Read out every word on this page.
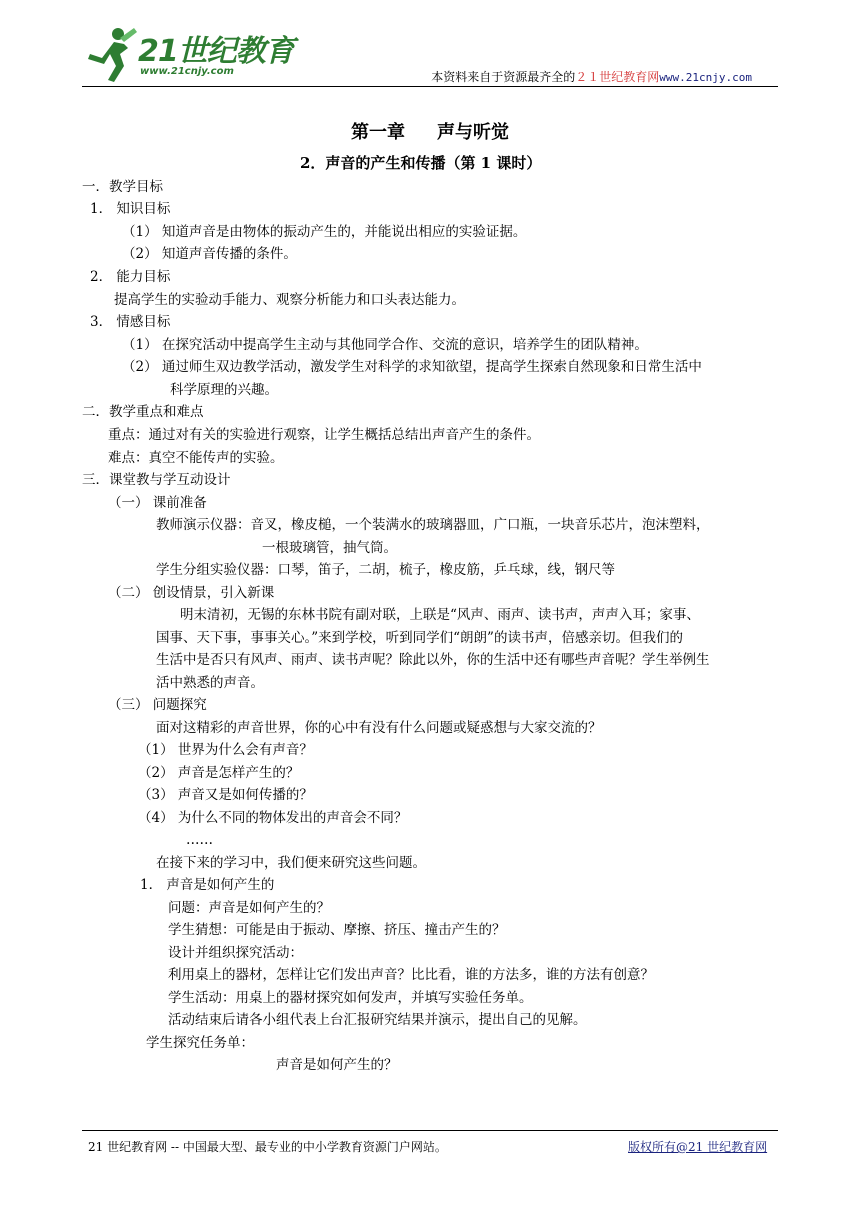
21世纪教育
www.21cnjy.com	本资料来自于资源最齐全的２１世纪教育网www.21cnjy.com
第一章 声与听觉
2．声音的产生和传播（第 1 课时）
一．教学目标
1． 知识目标
（1） 知道声音是由物体的振动产生的，并能说出相应的实验证据。
（2） 知道声音传播的条件。
2． 能力目标
提高学生的实验动手能力、观察分析能力和口头表达能力。
3． 情感目标
（1） 在探究活动中提高学生主动与其他同学合作、交流的意识，培养学生的团队精神。
（2） 通过师生双边教学活动，激发学生对科学的求知欲望，提高学生探索自然现象和日常生活中
科学原理的兴趣。
二．教学重点和难点
重点：通过对有关的实验进行观察，让学生概括总结出声音产生的条件。
难点：真空不能传声的实验。
三．课堂教与学互动设计
（一） 课前准备
教师演示仪器：音叉，橡皮槌，一个装满水的玻璃器皿，广口瓶，一块音乐芯片，泡沫塑料，
一根玻璃管，抽气筒。
学生分组实验仪器：口琴，笛子，二胡，梳子，橡皮筋，乒乓球，线，钢尺等
（二） 创设情景，引入新课
明末清初，无锡的东林书院有副对联，上联是“风声、雨声、读书声，声声入耳；家事、
国事、天下事，事事关心。”来到学校，听到同学们“朗朗”的读书声，倍感亲切。但我们的
生活中是否只有风声、雨声、读书声呢？除此以外，你的生活中还有哪些声音呢？学生举例生
活中熟悉的声音。
（三） 问题探究
面对这精彩的声音世界，你的心中有没有什么问题或疑惑想与大家交流的？
（1） 世界为什么会有声音？
（2） 声音是怎样产生的？
（3） 声音又是如何传播的？
（4） 为什么不同的物体发出的声音会不同？
……
在接下来的学习中，我们便来研究这些问题。
1． 声音是如何产生的
问题：声音是如何产生的？
学生猜想：可能是由于振动、摩擦、挤压、撞击产生的？
设计并组织探究活动：
利用桌上的器材，怎样让它们发出声音？比比看，谁的方法多，谁的方法有创意？
学生活动：用桌上的器材探究如何发声，并填写实验任务单。
活动结束后请各小组代表上台汇报研究结果并演示，提出自己的见解。
学生探究任务单：
声音是如何产生的？
21 世纪教育网 -- 中国最大型、最专业的中小学教育资源门户网站。	版权所有@21 世纪教育网
